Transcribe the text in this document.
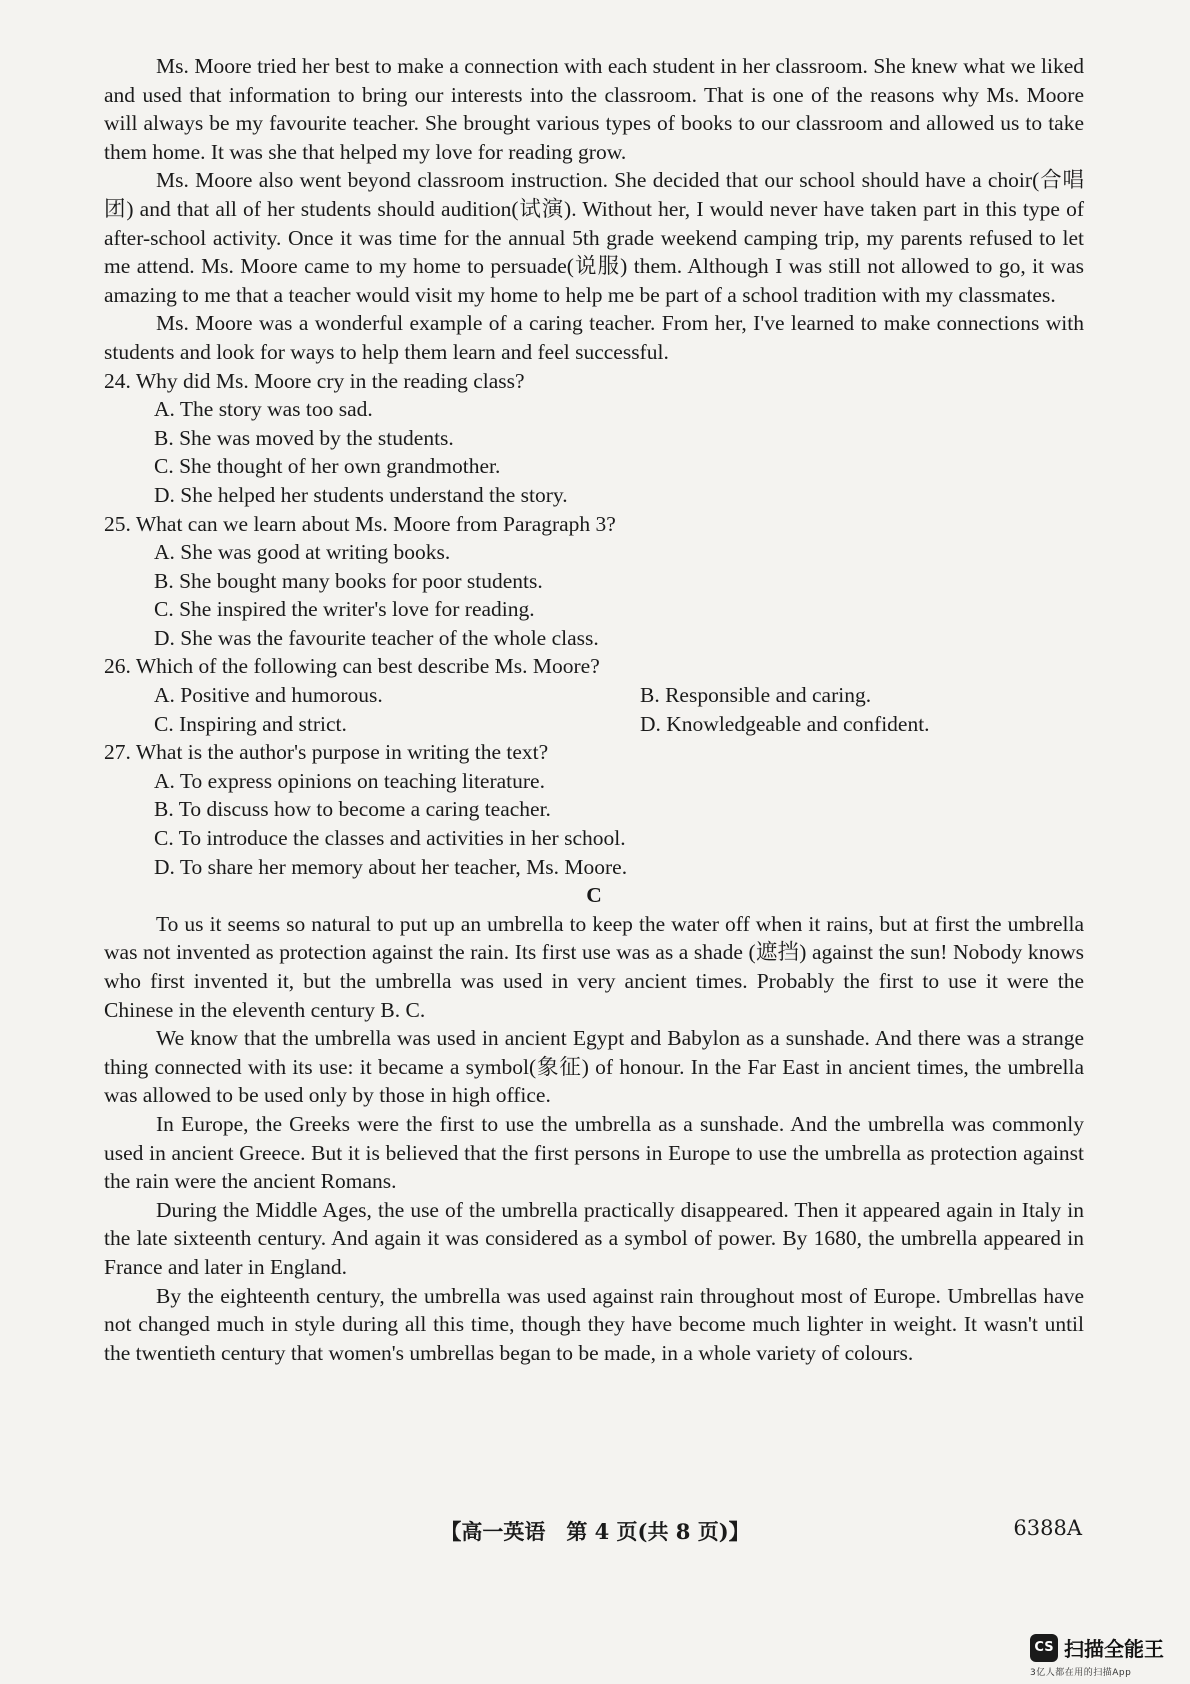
Ms. Moore tried her best to make a connection with each student in her classroom. She knew what we liked and used that information to bring our interests into the classroom. That is one of the reasons why Ms. Moore will always be my favourite teacher. She brought various types of books to our classroom and allowed us to take them home. It was she that helped my love for reading grow.

Ms. Moore also went beyond classroom instruction. She decided that our school should have a choir(合唱团) and that all of her students should audition(试演). Without her, I would never have taken part in this type of after-school activity. Once it was time for the annual 5th grade weekend camping trip, my parents refused to let me attend. Ms. Moore came to my home to persuade(说服) them. Although I was still not allowed to go, it was amazing to me that a teacher would visit my home to help me be part of a school tradition with my classmates.

Ms. Moore was a wonderful example of a caring teacher. From her, I've learned to make connections with students and look for ways to help them learn and feel successful.

24. Why did Ms. Moore cry in the reading class?

A. The story was too sad.

B. She was moved by the students.

C. She thought of her own grandmother.

D. She helped her students understand the story.

25. What can we learn about Ms. Moore from Paragraph 3?

A. She was good at writing books.

B. She bought many books for poor students.

C. She inspired the writer's love for reading.

D. She was the favourite teacher of the whole class.

26. Which of the following can best describe Ms. Moore?

A. Positive and humorous.	B. Responsible and caring.
C. Inspiring and strict.	D. Knowledgeable and confident.

27. What is the author's purpose in writing the text?

A. To express opinions on teaching literature.

B. To discuss how to become a caring teacher.

C. To introduce the classes and activities in her school.

D. To share her memory about her teacher, Ms. Moore.

C

To us it seems so natural to put up an umbrella to keep the water off when it rains, but at first the umbrella was not invented as protection against the rain. Its first use was as a shade (遮挡) against the sun! Nobody knows who first invented it, but the umbrella was used in very ancient times. Probably the first to use it were the Chinese in the eleventh century B. C.

We know that the umbrella was used in ancient Egypt and Babylon as a sunshade. And there was a strange thing connected with its use: it became a symbol(象征) of honour. In the Far East in ancient times, the umbrella was allowed to be used only by those in high office.

In Europe, the Greeks were the first to use the umbrella as a sunshade. And the umbrella was commonly used in ancient Greece. But it is believed that the first persons in Europe to use the umbrella as protection against the rain were the ancient Romans.

During the Middle Ages, the use of the umbrella practically disappeared. Then it appeared again in Italy in the late sixteenth century. And again it was considered as a symbol of power. By 1680, the umbrella appeared in France and later in England.

By the eighteenth century, the umbrella was used against rain throughout most of Europe. Umbrellas have not changed much in style during all this time, though they have become much lighter in weight. It wasn't until the twentieth century that women's umbrellas began to be made, in a whole variety of colours.

【高一英语　第 4 页(共 8 页)】	6388A
CS 扫描全能王
3亿人都在用的扫描App
